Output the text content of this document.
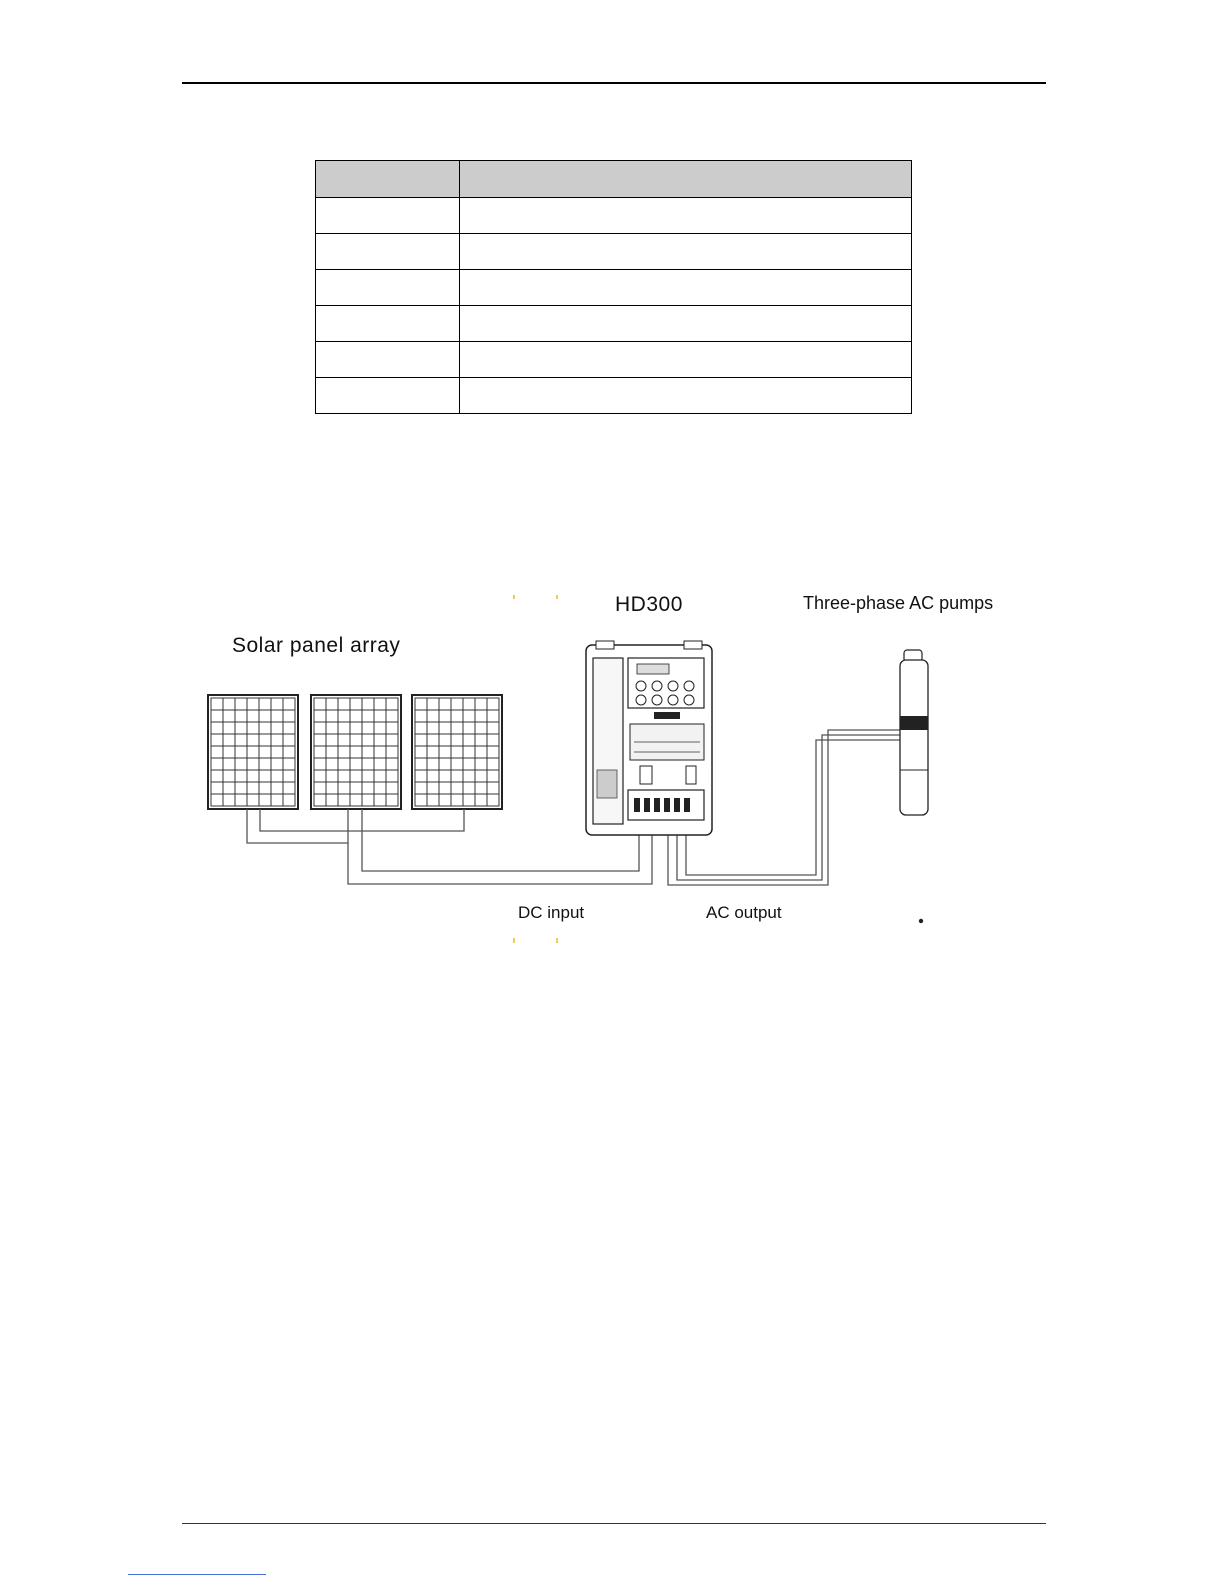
Solar panel array
HD300	Three-phase AC pumps
DC input	AC output
